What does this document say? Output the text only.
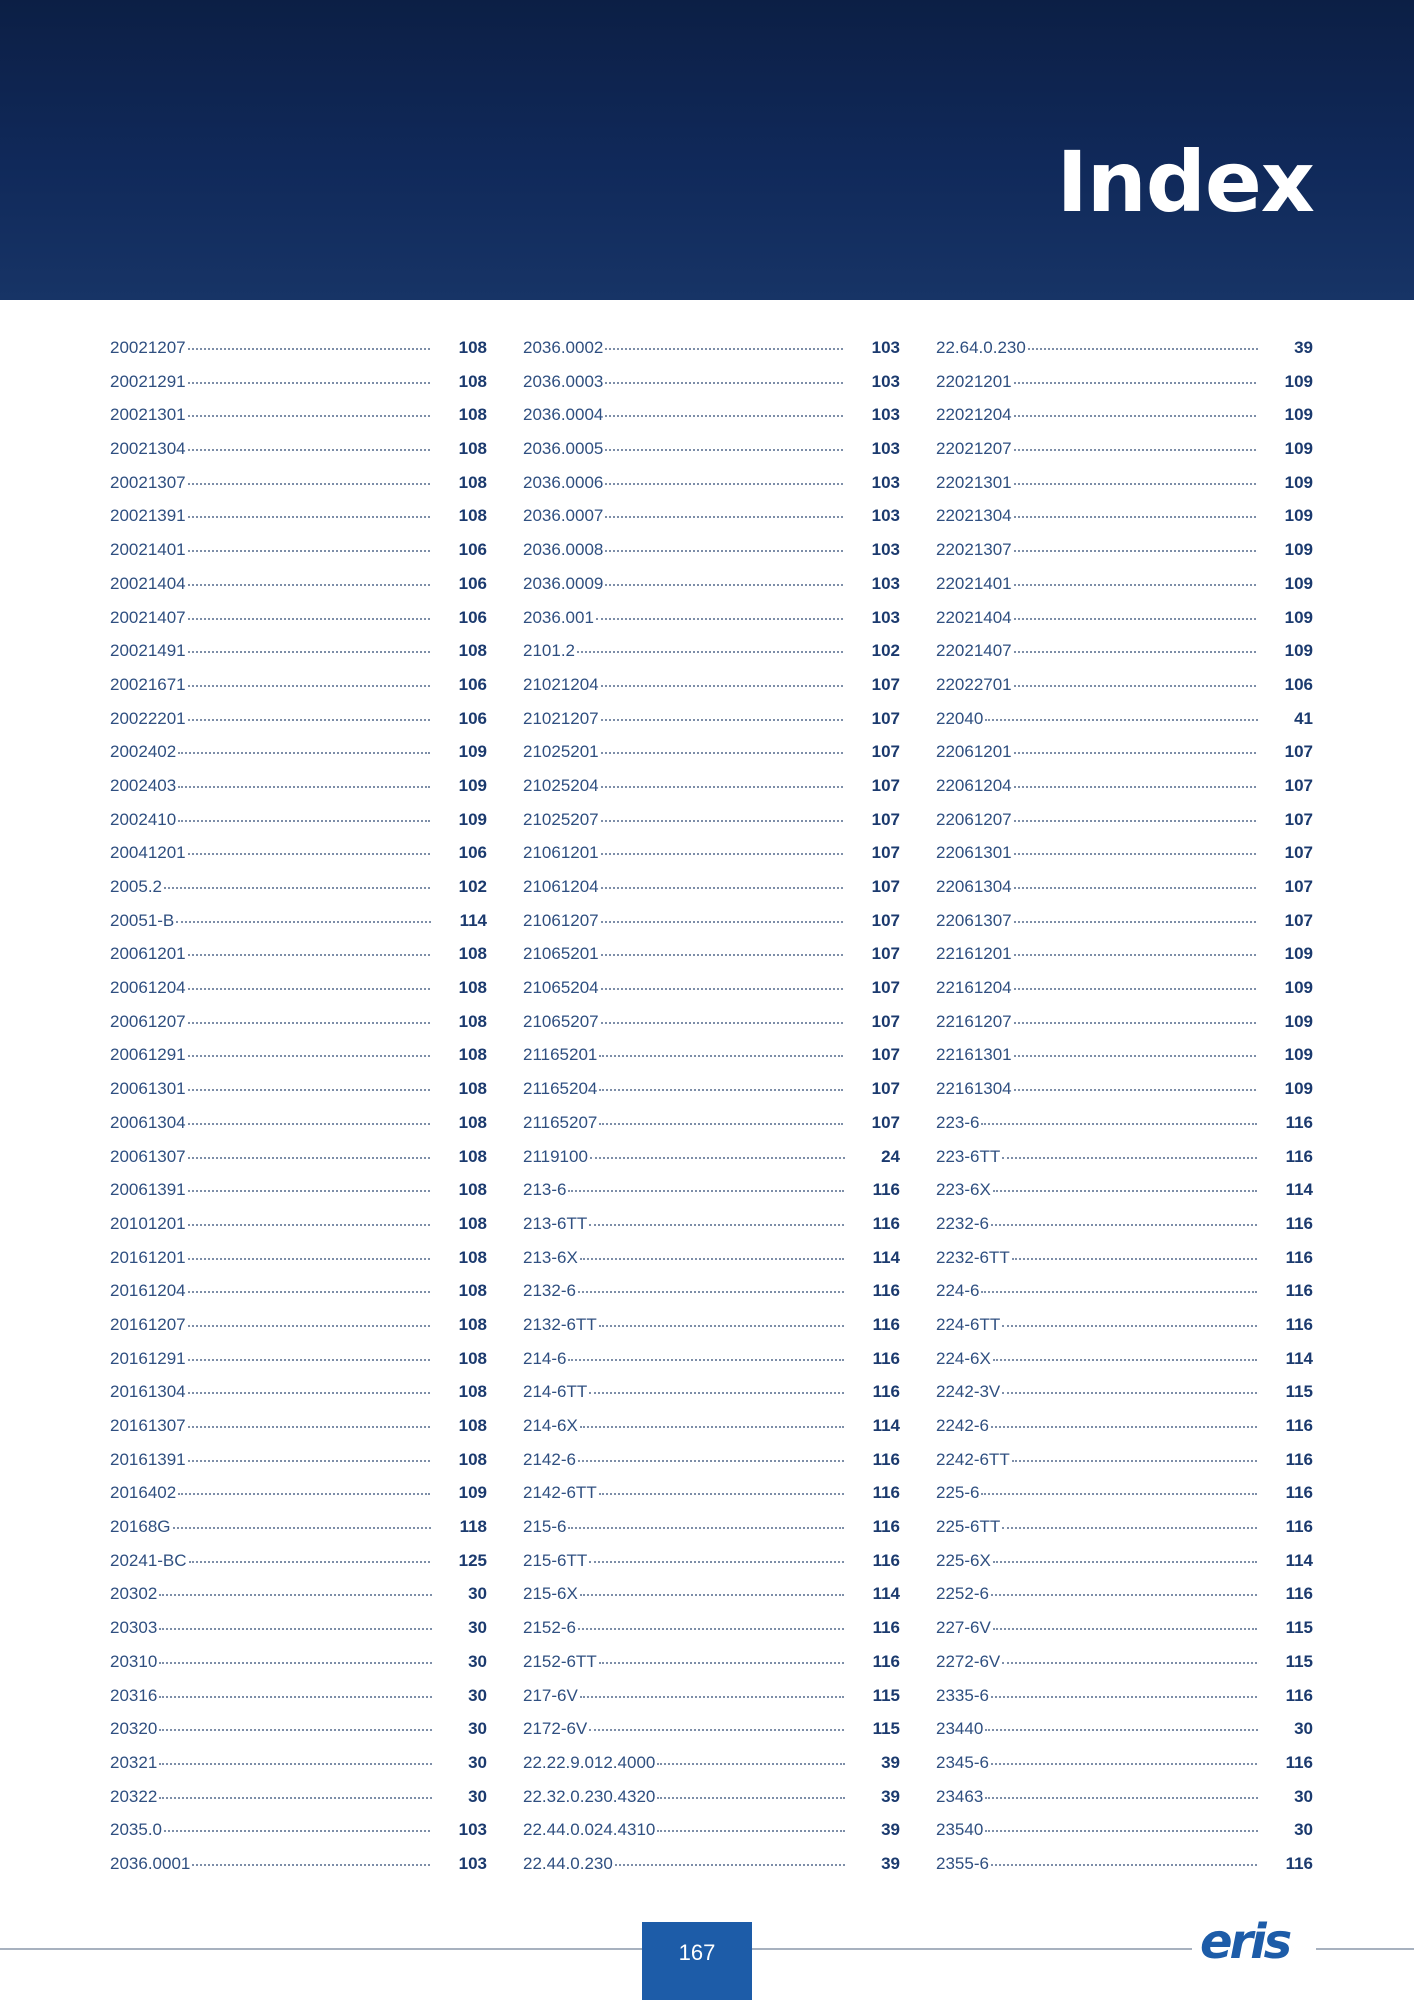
Index
20021207	108
20021291	108
20021301	108
20021304	108
20021307	108
20021391	108
20021401	106
20021404	106
20021407	106
20021491	108
20021671	106
20022201	106
2002402	109
2002403	109
2002410	109
20041201	106
2005.2	102
20051-B	114
20061201	108
20061204	108
20061207	108
20061291	108
20061301	108
20061304	108
20061307	108
20061391	108
20101201	108
20161201	108
20161204	108
20161207	108
20161291	108
20161304	108
20161307	108
20161391	108
2016402	109
20168G	118
20241-BC	125
20302	30
20303	30
20310	30
20316	30
20320	30
20321	30
20322	30
2035.0	103
2036.0001	103
2036.0002	103
2036.0003	103
2036.0004	103
2036.0005	103
2036.0006	103
2036.0007	103
2036.0008	103
2036.0009	103
2036.001	103
2101.2	102
21021204	107
21021207	107
21025201	107
21025204	107
21025207	107
21061201	107
21061204	107
21061207	107
21065201	107
21065204	107
21065207	107
21165201	107
21165204	107
21165207	107
2119100	24
213-6	116
213-6TT	116
213-6X	114
2132-6	116
2132-6TT	116
214-6	116
214-6TT	116
214-6X	114
2142-6	116
2142-6TT	116
215-6	116
215-6TT	116
215-6X	114
2152-6	116
2152-6TT	116
217-6V	115
2172-6V	115
22.22.9.012.4000	39
22.32.0.230.4320	39
22.44.0.024.4310	39
22.44.0.230	39
22.64.0.230	39
22021201	109
22021204	109
22021207	109
22021301	109
22021304	109
22021307	109
22021401	109
22021404	109
22021407	109
22022701	106
22040	41
22061201	107
22061204	107
22061207	107
22061301	107
22061304	107
22061307	107
22161201	109
22161204	109
22161207	109
22161301	109
22161304	109
223-6	116
223-6TT	116
223-6X	114
2232-6	116
2232-6TT	116
224-6	116
224-6TT	116
224-6X	114
2242-3V	115
2242-6	116
2242-6TT	116
225-6	116
225-6TT	116
225-6X	114
2252-6	116
227-6V	115
2272-6V	115
2335-6	116
23440	30
2345-6	116
23463	30
23540	30
2355-6	116
167	eris
